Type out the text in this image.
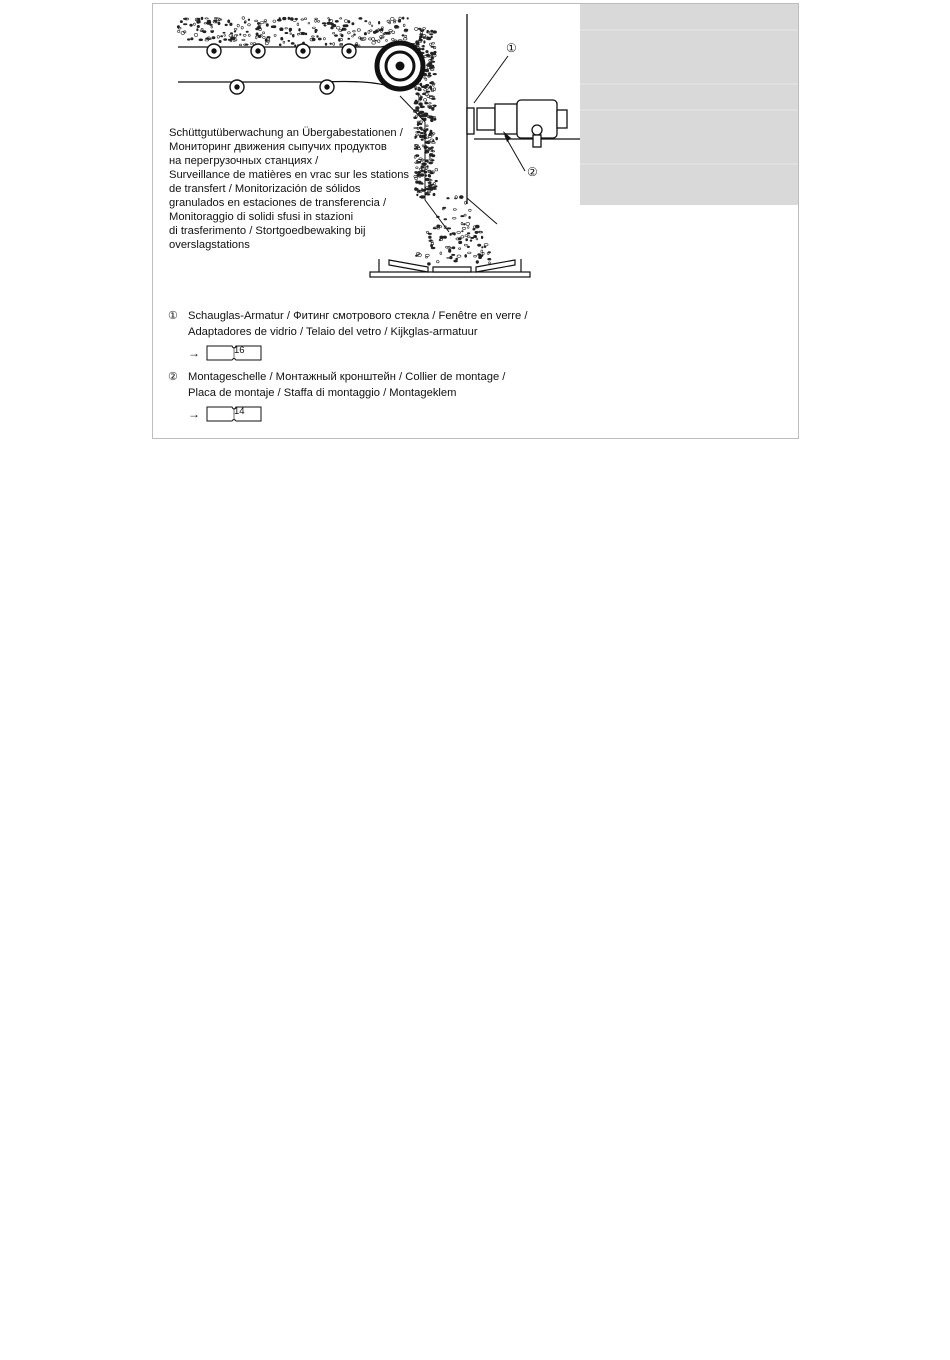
①
②
Schüttgutüberwachung an Übergabestationen /
Мониторинг движения сыпучих продуктов
на перегрузочных станциях /
Surveillance de matières en vrac sur les stations
de transfert / Monitorización de sólidos
granulados en estaciones de transferencia /
Monitoraggio di solidi sfusi in stazioni
di trasferimento / Stortgoedbewaking bij
overslagstations
① Schauglas-Armatur / Фитинг смотрового стекла / Fenêtre en verre /
Adaptadores de vidrio / Telaio del vetro / Kijkglas-armatuur
→	16
② Montageschelle / Монтажный кронштейн / Collier de montage /
Placa de montaje / Staffa di montaggio / Montageklem
→	14
